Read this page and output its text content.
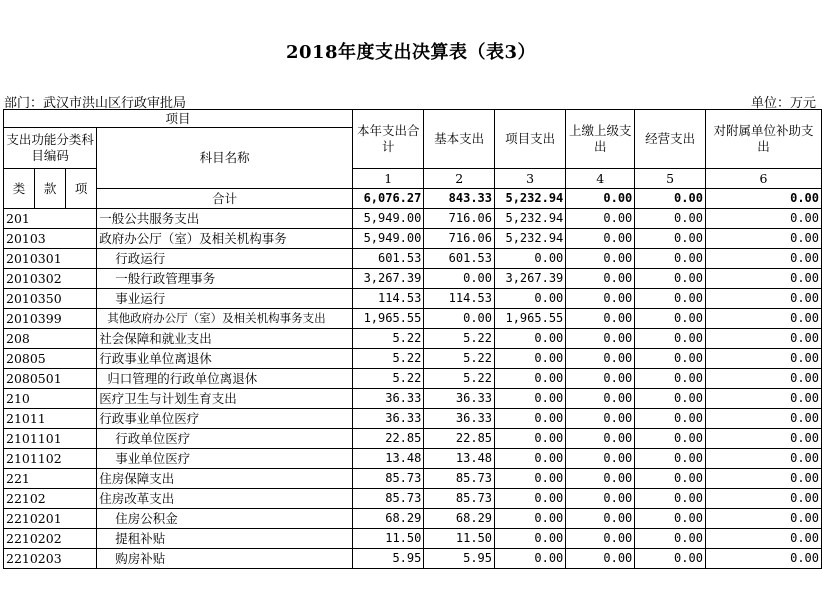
2018年度支出决算表（表3）
部门：武汉市洪山区行政审批局	单位：万元
项目				本年支出合计	基本支出	项目支出	上缴上级支出	经营支出	对附属单位补助支出
支出功能分类科目编码			科目名称						

类	款	项		1	2	3	4	5	6
			合计	6,076.27	843.33	5,232.94	0.00	0.00	0.00
201			一般公共服务支出	5,949.00	716.06	5,232.94	0.00	0.00	0.00
20103			政府办公厅（室）及相关机构事务	5,949.00	716.06	5,232.94	0.00	0.00	0.00
2010301			行政运行	601.53	601.53	0.00	0.00	0.00	0.00
2010302			一般行政管理事务	3,267.39	0.00	3,267.39	0.00	0.00	0.00
2010350			事业运行	114.53	114.53	0.00	0.00	0.00	0.00
2010399			其他政府办公厅（室）及相关机构事务支出	1,965.55	0.00	1,965.55	0.00	0.00	0.00
208			社会保障和就业支出	5.22	5.22	0.00	0.00	0.00	0.00
20805			行政事业单位离退休	5.22	5.22	0.00	0.00	0.00	0.00
2080501			归口管理的行政单位离退休	5.22	5.22	0.00	0.00	0.00	0.00
210			医疗卫生与计划生育支出	36.33	36.33	0.00	0.00	0.00	0.00
21011			行政事业单位医疗	36.33	36.33	0.00	0.00	0.00	0.00
2101101			行政单位医疗	22.85	22.85	0.00	0.00	0.00	0.00
2101102			事业单位医疗	13.48	13.48	0.00	0.00	0.00	0.00
221			住房保障支出	85.73	85.73	0.00	0.00	0.00	0.00
22102			住房改革支出	85.73	85.73	0.00	0.00	0.00	0.00
2210201			住房公积金	68.29	68.29	0.00	0.00	0.00	0.00
2210202			提租补贴	11.50	11.50	0.00	0.00	0.00	0.00
2210203			购房补贴	5.95	5.95	0.00	0.00	0.00	0.00
